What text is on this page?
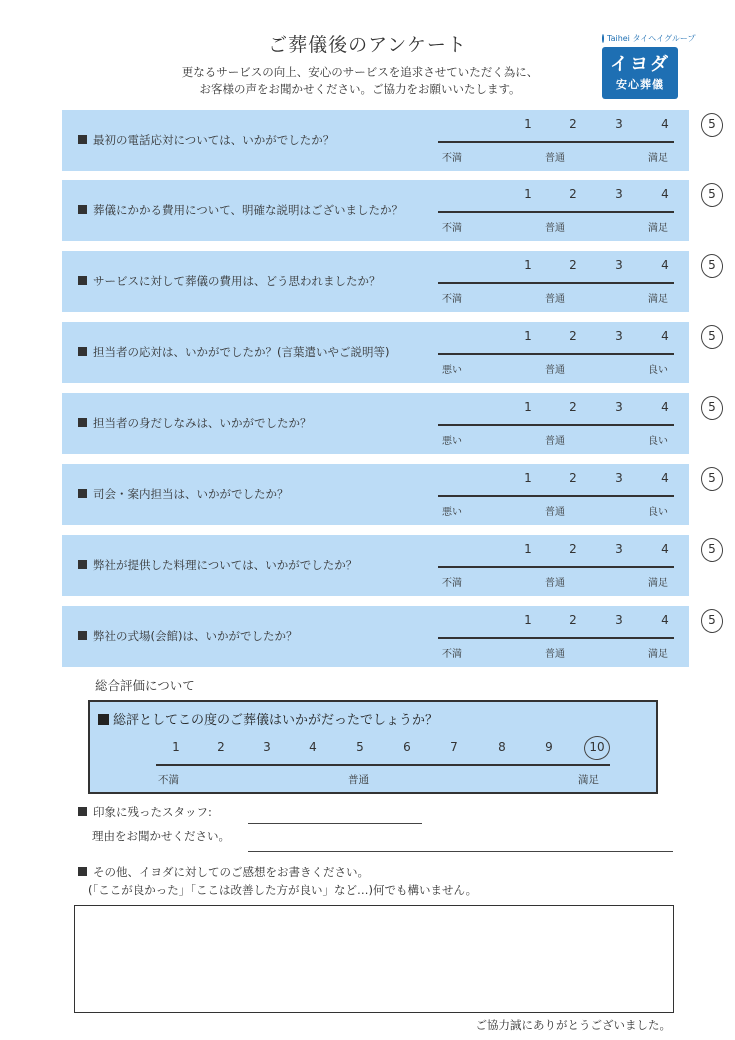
ご葬儀後のアンケート
更なるサービスの向上、安心のサービスを追求させていただく為に、
お客様の声をお聞かせください。ご協力をお願いいたします。
Taihei タイヘイグループ
イヨダ
安心葬儀
最初の電話応対については、いかがでしたか？
1	2	3	4	5
不満	普通	満足
葬儀にかかる費用について、明確な説明はございましたか？
1	2	3	4	5
不満	普通	満足
サービスに対して葬儀の費用は、どう思われましたか？
1	2	3	4	5
不満	普通	満足
担当者の応対は、いかがでしたか？(言葉遣いやご説明等)
1	2	3	4	5
悪い	普通	良い
担当者の身だしなみは、いかがでしたか？
1	2	3	4	5
悪い	普通	良い
司会・案内担当は、いかがでしたか？
1	2	3	4	5
悪い	普通	良い
弊社が提供した料理については、いかがでしたか？
1	2	3	4	5
不満	普通	満足
弊社の式場(会館)は、いかがでしたか？
1	2	3	4	5
不満	普通	満足
総合評価について
総評としてこの度のご葬儀はいかがだったでしょうか？
1	2	3	4	5	6	7	8	9	10
不満	普通	満足
印象に残ったスタッフ:
理由をお聞かせください。
その他、イヨダに対してのご感想をお書きください。
(「ここが良かった」「ここは改善した方が良い」など…)何でも構いません。
ご協力誠にありがとうございました。
